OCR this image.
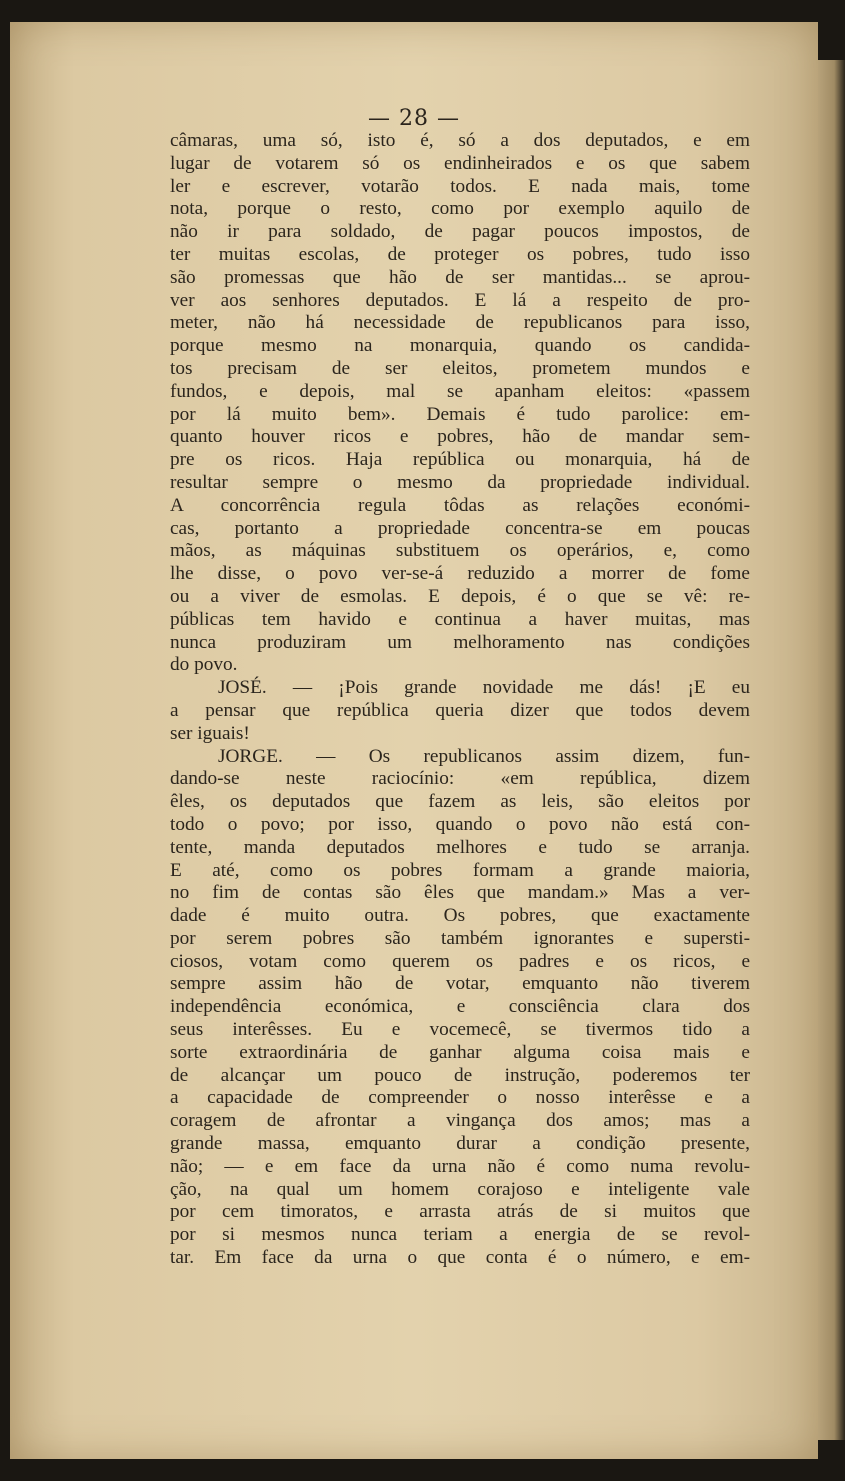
— 28 —
câmaras, uma só, isto é, só a dos deputados, e em
lugar de votarem só os endinheirados e os que sabem
ler e escrever, votarão todos. E nada mais, tome
nota, porque o resto, como por exemplo aquilo de
não ir para soldado, de pagar poucos impostos, de
ter muitas escolas, de proteger os pobres, tudo isso
são promessas que hão de ser mantidas... se aprou-
ver aos senhores deputados. E lá a respeito de pro-
meter, não há necessidade de republicanos para isso,
porque mesmo na monarquia, quando os candida-
tos precisam de ser eleitos, prometem mundos e
fundos, e depois, mal se apanham eleitos: «passem
por lá muito bem». Demais é tudo parolice: em-
quanto houver ricos e pobres, hão de mandar sem-
pre os ricos. Haja república ou monarquia, há de
resultar sempre o mesmo da propriedade individual.
A concorrência regula tôdas as relações económi-
cas, portanto a propriedade concentra-se em poucas
mãos, as máquinas substituem os operários, e, como
lhe disse, o povo ver-se-á reduzido a morrer de fome
ou a viver de esmolas. E depois, é o que se vê: re-
públicas tem havido e continua a haver muitas, mas
nunca produziram um melhoramento nas condições
do povo.
JOSÉ. — ¡Pois grande novidade me dás! ¡E eu
a pensar que república queria dizer que todos devem
ser iguais!
JORGE. — Os republicanos assim dizem, fun-
dando-se neste raciocínio: «em república, dizem
êles, os deputados que fazem as leis, são eleitos por
todo o povo; por isso, quando o povo não está con-
tente, manda deputados melhores e tudo se arranja.
E até, como os pobres formam a grande maioria,
no fim de contas são êles que mandam.» Mas a ver-
dade é muito outra. Os pobres, que exactamente
por serem pobres são também ignorantes e supersti-
ciosos, votam como querem os padres e os ricos, e
sempre assim hão de votar, emquanto não tiverem
independência económica, e consciência clara dos
seus interêsses. Eu e vocemecê, se tivermos tido a
sorte extraordinária de ganhar alguma coisa mais e
de alcançar um pouco de instrução, poderemos ter
a capacidade de compreender o nosso interêsse e a
coragem de afrontar a vingança dos amos; mas a
grande massa, emquanto durar a condição presente,
não; — e em face da urna não é como numa revolu-
ção, na qual um homem corajoso e inteligente vale
por cem timoratos, e arrasta atrás de si muitos que
por si mesmos nunca teriam a energia de se revol-
tar. Em face da urna o que conta é o número, e em-
